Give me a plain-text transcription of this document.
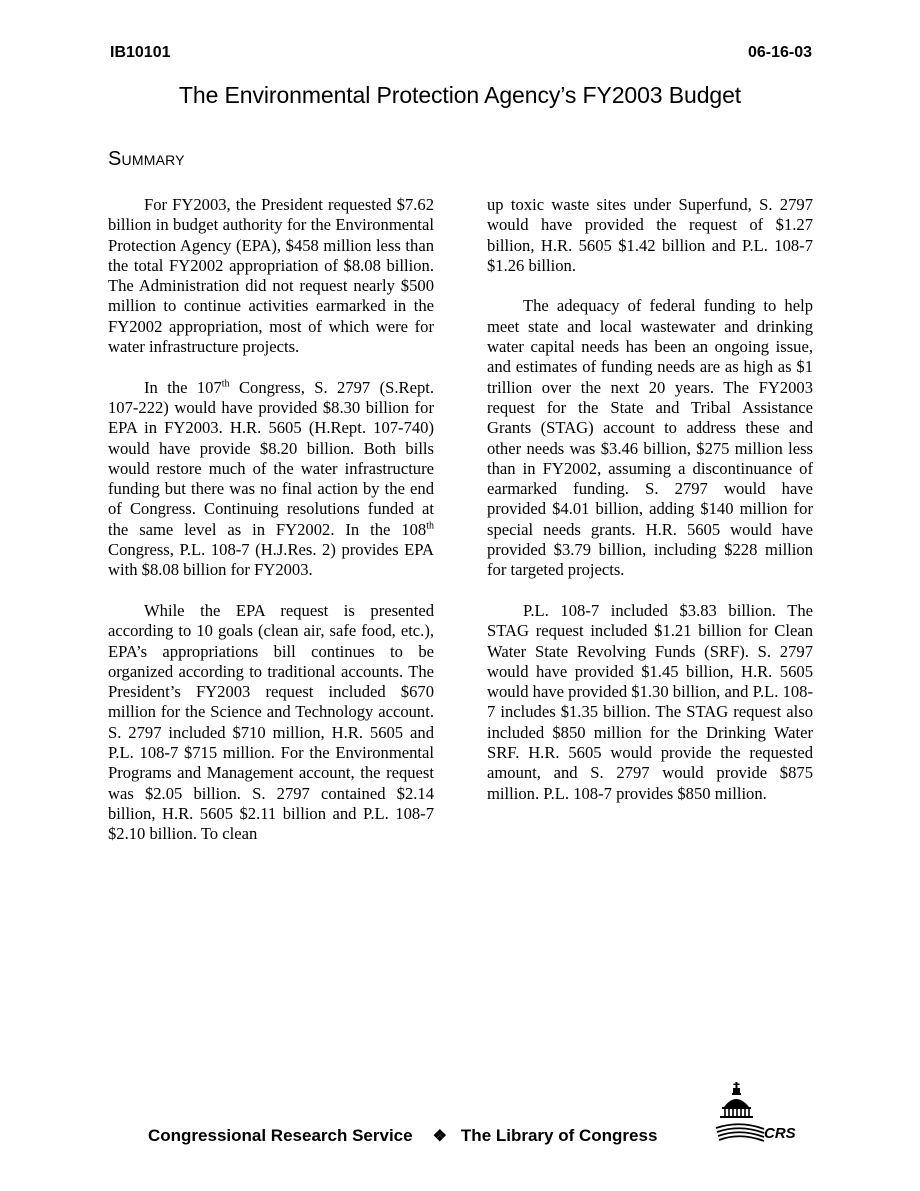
IB10101	06-16-03
The Environmental Protection Agency’s FY2003 Budget
Summary

For FY2003, the President requested $7.62 billion in budget authority for the Environmental Protection Agency (EPA), $458 million less than the total FY2002 appropriation of $8.08 billion. The Administration did not request nearly $500 million to continue activities earmarked in the FY2002 appropriation, most of which were for water infrastructure projects.

In the 107th Congress, S. 2797 (S.Rept. 107-222) would have provided $8.30 billion for EPA in FY2003. H.R. 5605 (H.Rept. 107-740) would have provide $8.20 billion. Both bills would restore much of the water infrastructure funding but there was no final action by the end of Congress. Continuing resolutions funded at the same level as in FY2002. In the 108th Congress, P.L. 108-7 (H.J.Res. 2) provides EPA with $8.08 billion for FY2003.

While the EPA request is presented according to 10 goals (clean air, safe food, etc.), EPA’s appropriations bill continues to be organized according to traditional accounts. The President’s FY2003 request included $670 million for the Science and Technology account. S. 2797 included $710 million, H.R. 5605 and P.L. 108-7 $715 million. For the Environmental Programs and Management account, the request was $2.05 billion. S. 2797 contained $2.14 billion, H.R. 5605 $2.11 billion and P.L. 108-7 $2.10 billion. To clean

up toxic waste sites under Superfund, S. 2797 would have provided the request of $1.27 billion, H.R. 5605 $1.42 billion and P.L. 108-7 $1.26 billion.

The adequacy of federal funding to help meet state and local wastewater and drinking water capital needs has been an ongoing issue, and estimates of funding needs are as high as $1 trillion over the next 20 years. The FY2003 request for the State and Tribal Assistance Grants (STAG) account to address these and other needs was $3.46 billion, $275 million less than in FY2002, assuming a discontinuance of earmarked funding. S. 2797 would have provided $4.01 billion, adding $140 million for special needs grants. H.R. 5605 would have provided $3.79 billion, including $228 million for targeted projects.

P.L. 108-7 included $3.83 billion. The STAG request included $1.21 billion for Clean Water State Revolving Funds (SRF). S. 2797 would have provided $1.45 billion, H.R. 5605 would have provided $1.30 billion, and P.L. 108-7 includes $1.35 billion. The STAG request also included $850 million for the Drinking Water SRF. H.R. 5605 would provide the requested amount, and S. 2797 would provide $875 million. P.L. 108-7 provides $850 million.

Congressional Research Service ❖ The Library of Congress	CRS
